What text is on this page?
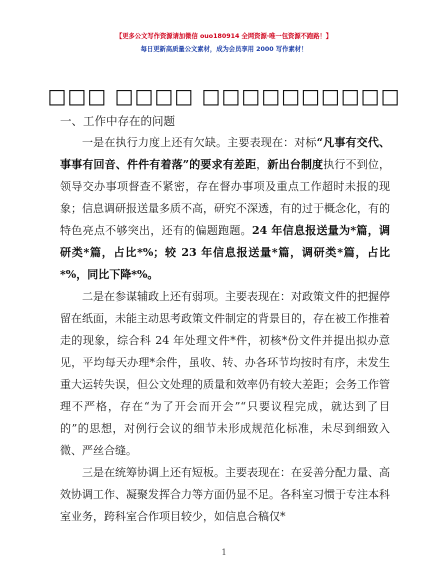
【更多公文写作资源请加微信 ouo180914 全网资源·唯一包资源不跑路！】
每日更新高质量公文素材，成为会员享用 2000 写作素材！
□□□ □□□□ □□□□□□□□□□

一、工作中存在的问题

一是在执行力度上还有欠缺。主要表现在：对标“凡事有交代、事事有回音、件件有着落”的要求有差距，新出台制度执行不到位，领导交办事项督查不紧密，存在督办事项及重点工作超时未报的现象；信息调研报送量多质不高，研究不深透，有的过于概念化，有的特色亮点不够突出，还有的偏题跑题。24 年信息报送量为*篇，调研类*篇，占比*%；较 23 年信息报送量*篇，调研类*篇，占比*%，同比下降*%。

二是在参谋辅政上还有弱项。主要表现在：对政策文件的把握停留在纸面，未能主动思考政策文件制定的背景目的，存在被工作推着走的现象，综合科 24 年处理文件*件，初核*份文件并提出拟办意见，平均每天办理*余件，虽收、转、办各环节均按时有序，未发生重大运转失误，但公文处理的质量和效率仍有较大差距；会务工作管理不严格，存在“为了开会而开会”“只要议程完成，就达到了目的”的思想，对例行会议的细节未形成规范化标准，未尽到细致入微、严丝合缝。

三是在统筹协调上还有短板。主要表现在：在妥善分配力量、高效协调工作、凝聚发挥合力等方面仍显不足。各科室习惯于专注本科室业务，跨科室合作项目较少，如信息合稿仅*

1
